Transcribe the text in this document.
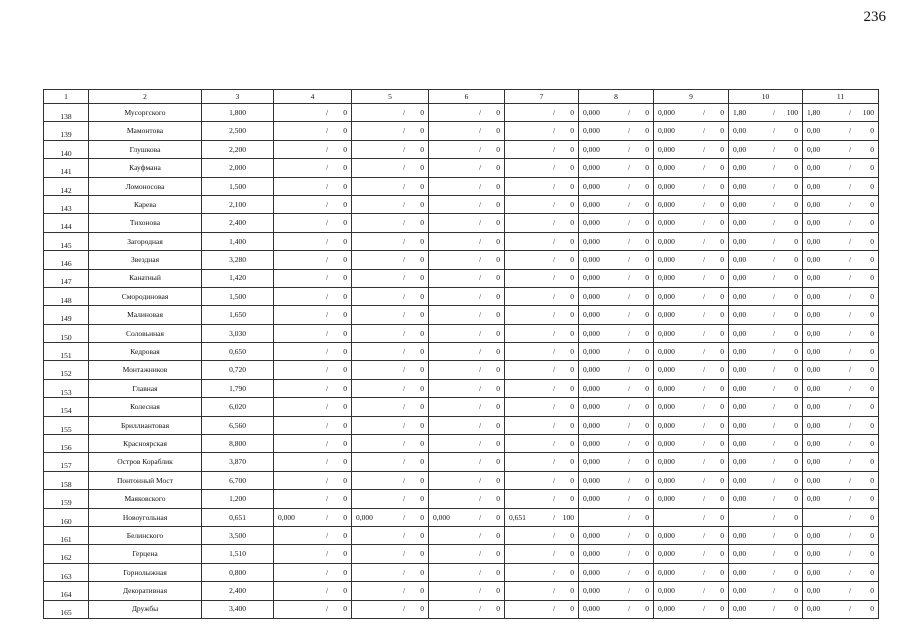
236
1	2	3	4	5	6	7	8	9	10	11
138	Мусоргского	1,800	/ 0	/ 0	/ 0	/ 0	0,000 / 0	0,000 / 0	1,80 / 100	1,80 / 100

139	Мамонтова	2,500	/ 0	/ 0	/ 0	/ 0	0,000 / 0	0,000 / 0	0,00 / 0	0,00 / 0

140	Глушкова	2,200	/ 0	/ 0	/ 0	/ 0	0,000 / 0	0,000 / 0	0,00 / 0	0,00 / 0

141	Кауфмана	2,000	/ 0	/ 0	/ 0	/ 0	0,000 / 0	0,000 / 0	0,00 / 0	0,00 / 0

142	Ломоносова	1,500	/ 0	/ 0	/ 0	/ 0	0,000 / 0	0,000 / 0	0,00 / 0	0,00 / 0

143	Карева	2,100	/ 0	/ 0	/ 0	/ 0	0,000 / 0	0,000 / 0	0,00 / 0	0,00 / 0

144	Тихонова	2,400	/ 0	/ 0	/ 0	/ 0	0,000 / 0	0,000 / 0	0,00 / 0	0,00 / 0

145	Загородная	1,400	/ 0	/ 0	/ 0	/ 0	0,000 / 0	0,000 / 0	0,00 / 0	0,00 / 0

146	Звездная	3,280	/ 0	/ 0	/ 0	/ 0	0,000 / 0	0,000 / 0	0,00 / 0	0,00 / 0

147	Канатный	1,420	/ 0	/ 0	/ 0	/ 0	0,000 / 0	0,000 / 0	0,00 / 0	0,00 / 0

148	Смородиновая	1,500	/ 0	/ 0	/ 0	/ 0	0,000 / 0	0,000 / 0	0,00 / 0	0,00 / 0

149	Малиновая	1,650	/ 0	/ 0	/ 0	/ 0	0,000 / 0	0,000 / 0	0,00 / 0	0,00 / 0

150	Соловьиная	3,030	/ 0	/ 0	/ 0	/ 0	0,000 / 0	0,000 / 0	0,00 / 0	0,00 / 0

151	Кедровая	0,650	/ 0	/ 0	/ 0	/ 0	0,000 / 0	0,000 / 0	0,00 / 0	0,00 / 0

152	Монтажников	0,720	/ 0	/ 0	/ 0	/ 0	0,000 / 0	0,000 / 0	0,00 / 0	0,00 / 0

153	Главная	1,790	/ 0	/ 0	/ 0	/ 0	0,000 / 0	0,000 / 0	0,00 / 0	0,00 / 0

154	Колесная	6,020	/ 0	/ 0	/ 0	/ 0	0,000 / 0	0,000 / 0	0,00 / 0	0,00 / 0

155	Бриллиантовая	6,560	/ 0	/ 0	/ 0	/ 0	0,000 / 0	0,000 / 0	0,00 / 0	0,00 / 0

156	Красноярская	8,800	/ 0	/ 0	/ 0	/ 0	0,000 / 0	0,000 / 0	0,00 / 0	0,00 / 0

157	Остров Кораблик	3,870	/ 0	/ 0	/ 0	/ 0	0,000 / 0	0,000 / 0	0,00 / 0	0,00 / 0

158	Понтонный Мост	6,700	/ 0	/ 0	/ 0	/ 0	0,000 / 0	0,000 / 0	0,00 / 0	0,00 / 0

159	Маяковского	1,200	/ 0	/ 0	/ 0	/ 0	0,000 / 0	0,000 / 0	0,00 / 0	0,00 / 0

160	Новоугольная	0,651	0,000 / 0	0,000 / 0	0,000 / 0	0,651 / 100	/ 0	/ 0	/ 0	/ 0

161	Белинского	3,500	/ 0	/ 0	/ 0	/ 0	0,000 / 0	0,000 / 0	0,00 / 0	0,00 / 0

162	Герцена	1,510	/ 0	/ 0	/ 0	/ 0	0,000 / 0	0,000 / 0	0,00 / 0	0,00 / 0

163	Горнолыжная	0,800	/ 0	/ 0	/ 0	/ 0	0,000 / 0	0,000 / 0	0,00 / 0	0,00 / 0

164	Декоративная	2,400	/ 0	/ 0	/ 0	/ 0	0,000 / 0	0,000 / 0	0,00 / 0	0,00 / 0

165	Дружбы	3,400	/ 0	/ 0	/ 0	/ 0	0,000 / 0	0,000 / 0	0,00 / 0	0,00 / 0
